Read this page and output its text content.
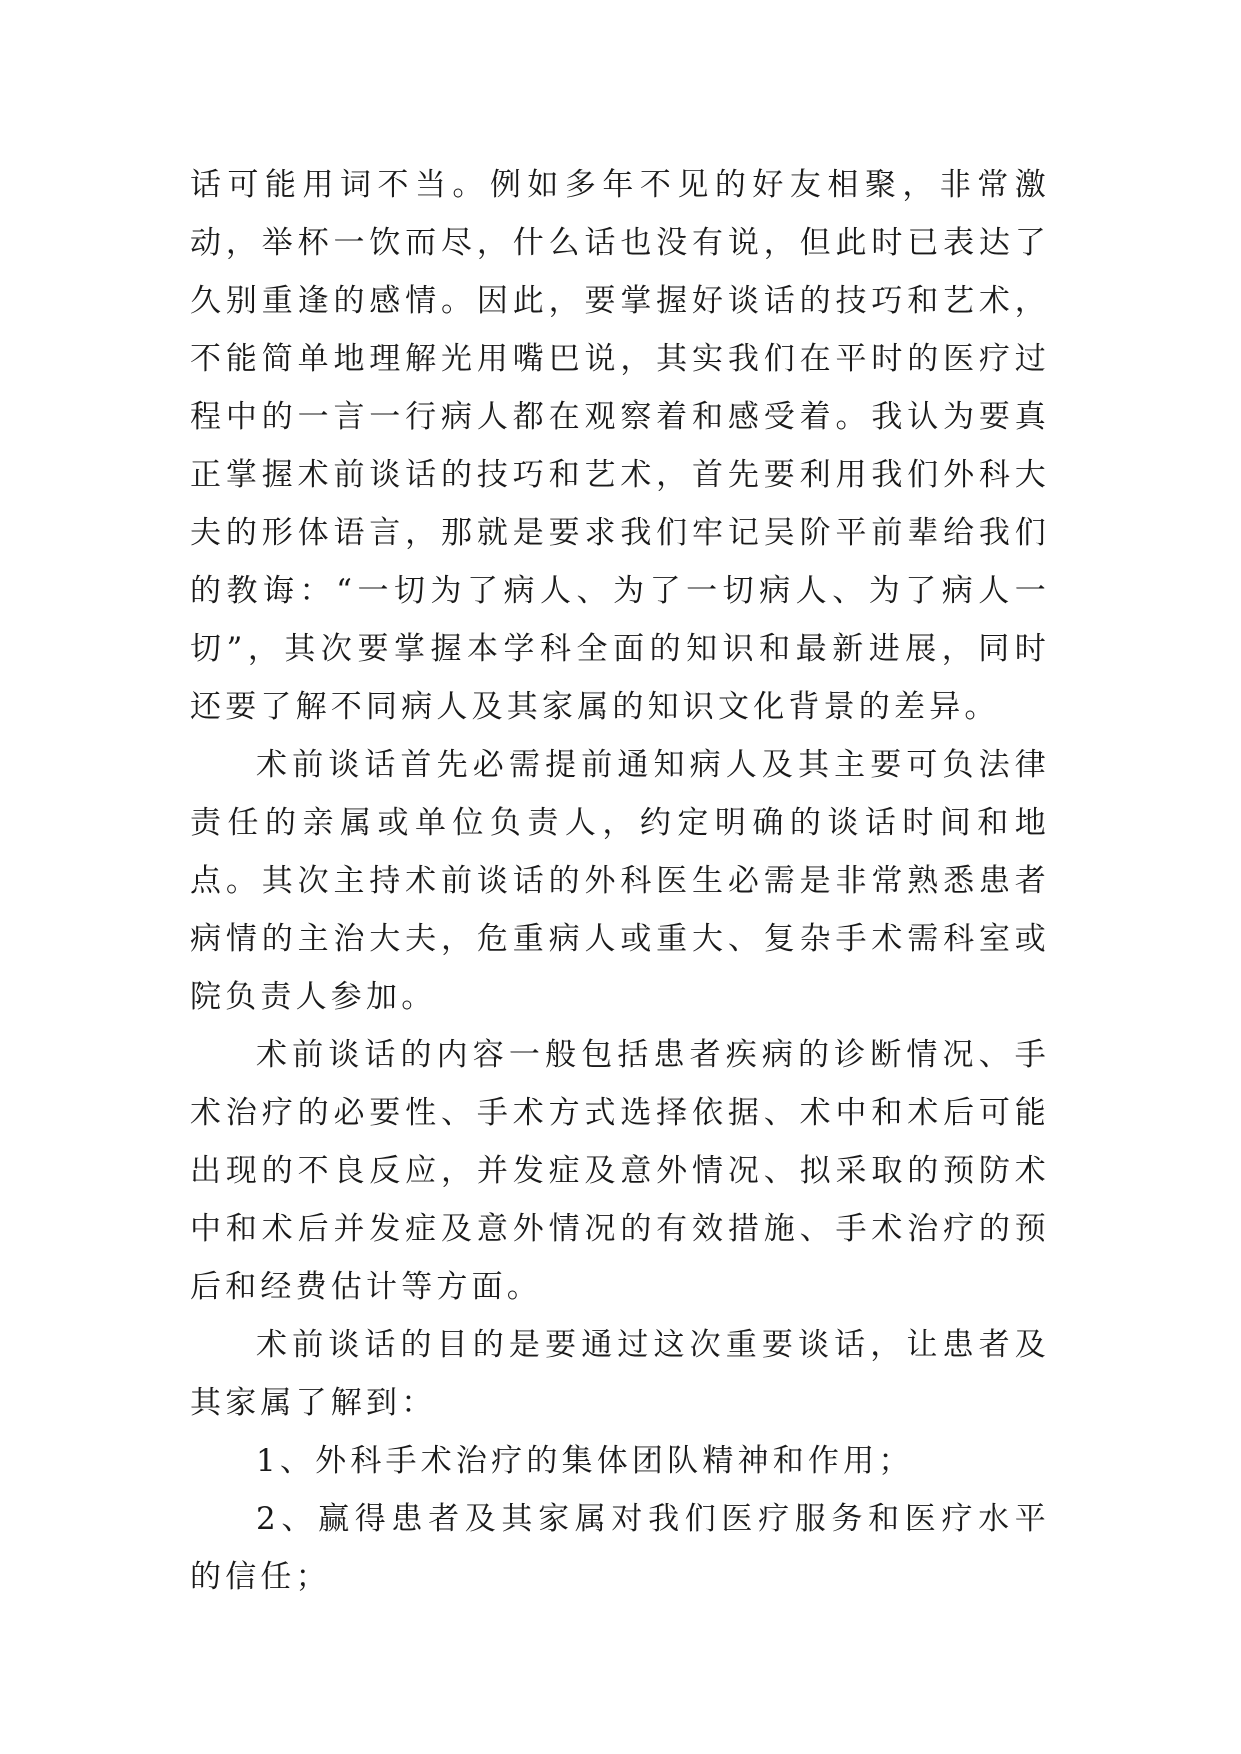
话可能用词不当。例如多年不见的好友相聚，非常激动，举杯一饮而尽，什么话也没有说，但此时已表达了久别重逢的感情。因此，要掌握好谈话的技巧和艺术，不能简单地理解光用嘴巴说，其实我们在平时的医疗过程中的一言一行病人都在观察着和感受着。我认为要真正掌握术前谈话的技巧和艺术，首先要利用我们外科大夫的形体语言，那就是要求我们牢记吴阶平前辈给我们的教诲：“一切为了病人、为了一切病人、为了病人一切”，其次要掌握本学科全面的知识和最新进展，同时还要了解不同病人及其家属的知识文化背景的差异。

术前谈话首先必需提前通知病人及其主要可负法律责任的亲属或单位负责人，约定明确的谈话时间和地点。其次主持术前谈话的外科医生必需是非常熟悉患者病情的主治大夫，危重病人或重大、复杂手术需科室或院负责人参加。

术前谈话的内容一般包括患者疾病的诊断情况、手术治疗的必要性、手术方式选择依据、术中和术后可能出现的不良反应，并发症及意外情况、拟采取的预防术中和术后并发症及意外情况的有效措施、手术治疗的预后和经费估计等方面。

术前谈话的目的是要通过这次重要谈话，让患者及其家属了解到：

1、外科手术治疗的集体团队精神和作用；

2、赢得患者及其家属对我们医疗服务和医疗水平的信任；
